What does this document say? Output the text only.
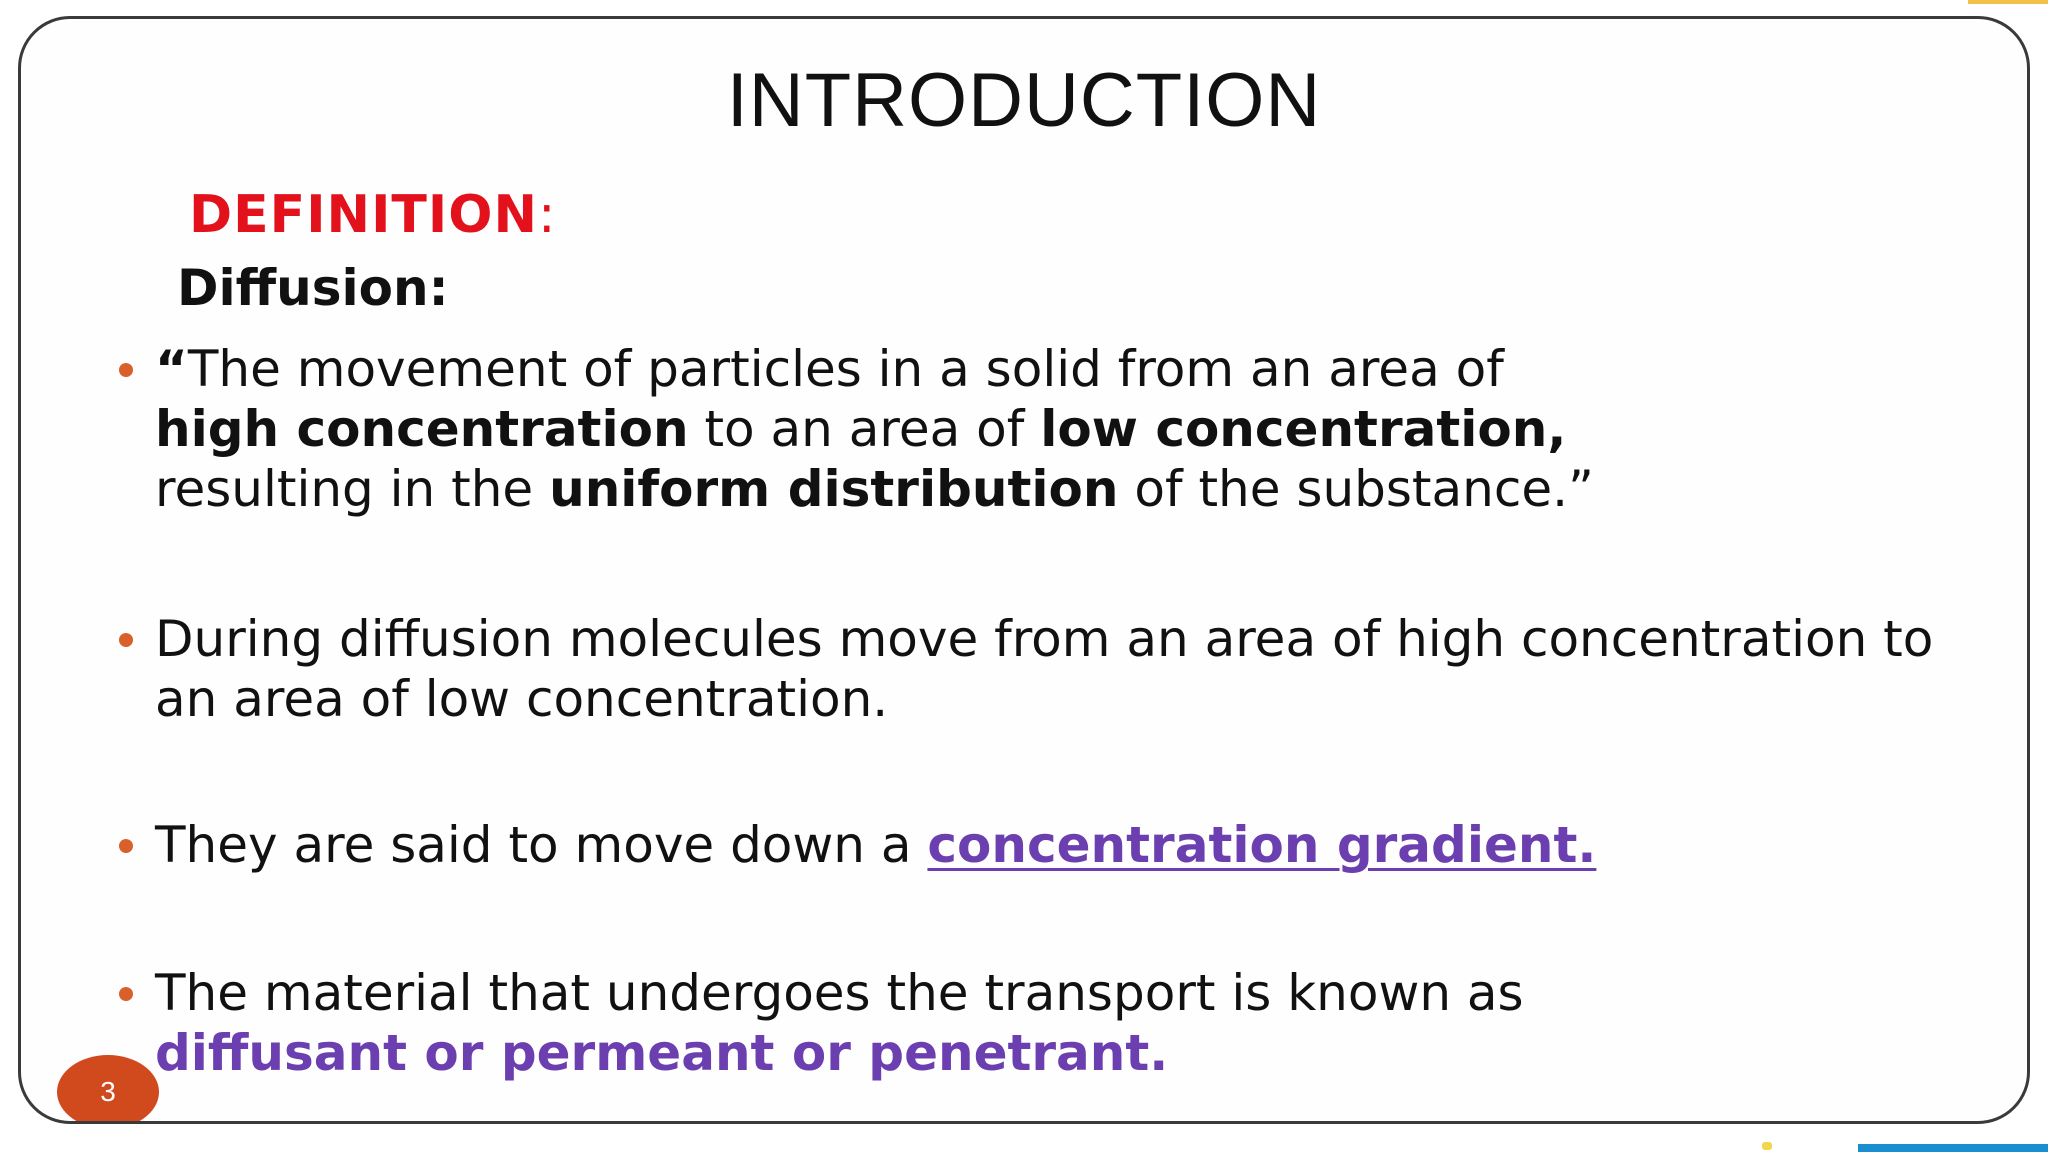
INTRODUCTION
DEFINITION:
Diffusion:
“The movement of particles in a solid from an area of
high concentration to an area of low concentration,
resulting in the uniform distribution of the substance.”
During diffusion molecules move from an area of high concentration to an area of low concentration.
They are said to move down a concentration gradient.
The material that undergoes the transport is known as
diffusant or permeant or penetrant.
3
